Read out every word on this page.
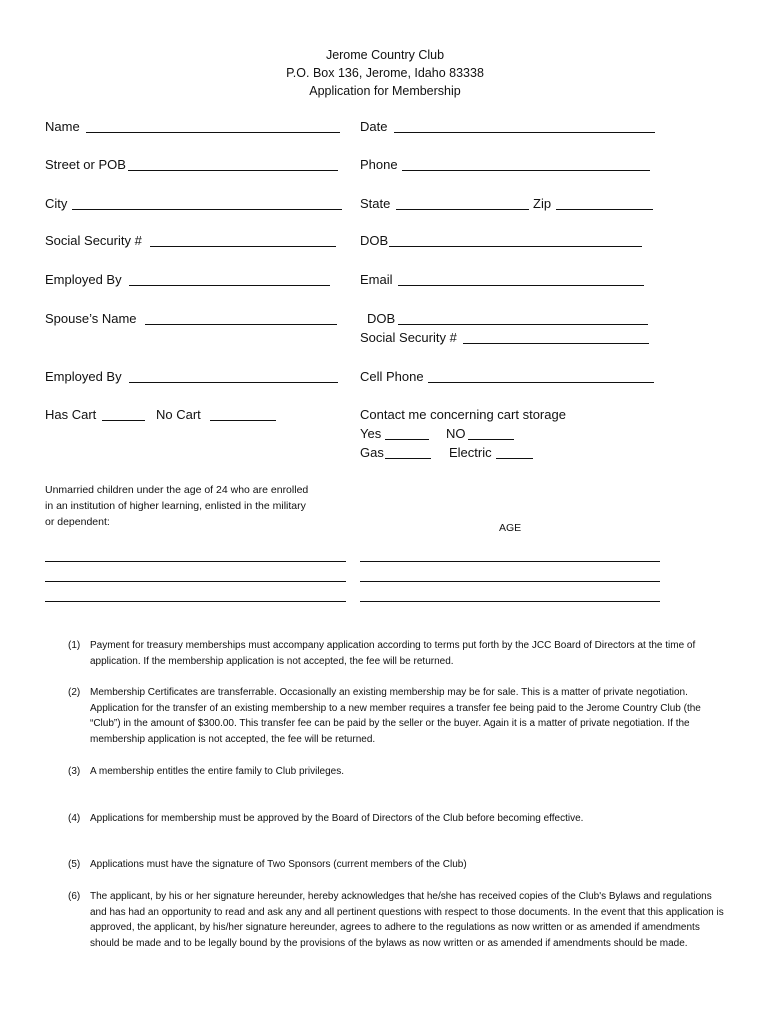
Jerome Country Club
P.O. Box 136, Jerome, Idaho 83338
Application for Membership
Name	Date
Street or POB	Phone
City	State	Zip
Social Security #	DOB
Employed By	Email
Spouse’s Name	DOB
Social Security #
Employed By	Cell Phone
Has Cart	No Cart	Contact me concerning cart storage
Yes	NO
Gas	Electric
Unmarried children under the age of 24 who are enrolled
in an institution of higher learning, enlisted in the military
or dependent:	AGE
(1) Payment for treasury memberships must accompany application according to terms put forth by the JCC Board of Directors at the time of application. If the membership application is not accepted, the fee will be returned.
(2) Membership Certificates are transferrable. Occasionally an existing membership may be for sale. This is a matter of private negotiation. Application for the transfer of an existing membership to a new member requires a transfer fee being paid to the Jerome Country Club (the “Club”) in the amount of $300.00. This transfer fee can be paid by the seller or the buyer. Again it is a matter of private negotiation. If the membership application is not accepted, the fee will be returned.
(3) A membership entitles the entire family to Club privileges.
(4) Applications for membership must be approved by the Board of Directors of the Club before becoming effective.
(5) Applications must have the signature of Two Sponsors (current members of the Club)
(6) The applicant, by his or her signature hereunder, hereby acknowledges that he/she has received copies of the Club's Bylaws and regulations and has had an opportunity to read and ask any and all pertinent questions with respect to those documents. In the event that this application is approved, the applicant, by his/her signature hereunder, agrees to adhere to the regulations as now written or as amended if amendments should be made and to be legally bound by the provisions of the bylaws as now written or as amended if amendments should be made.
